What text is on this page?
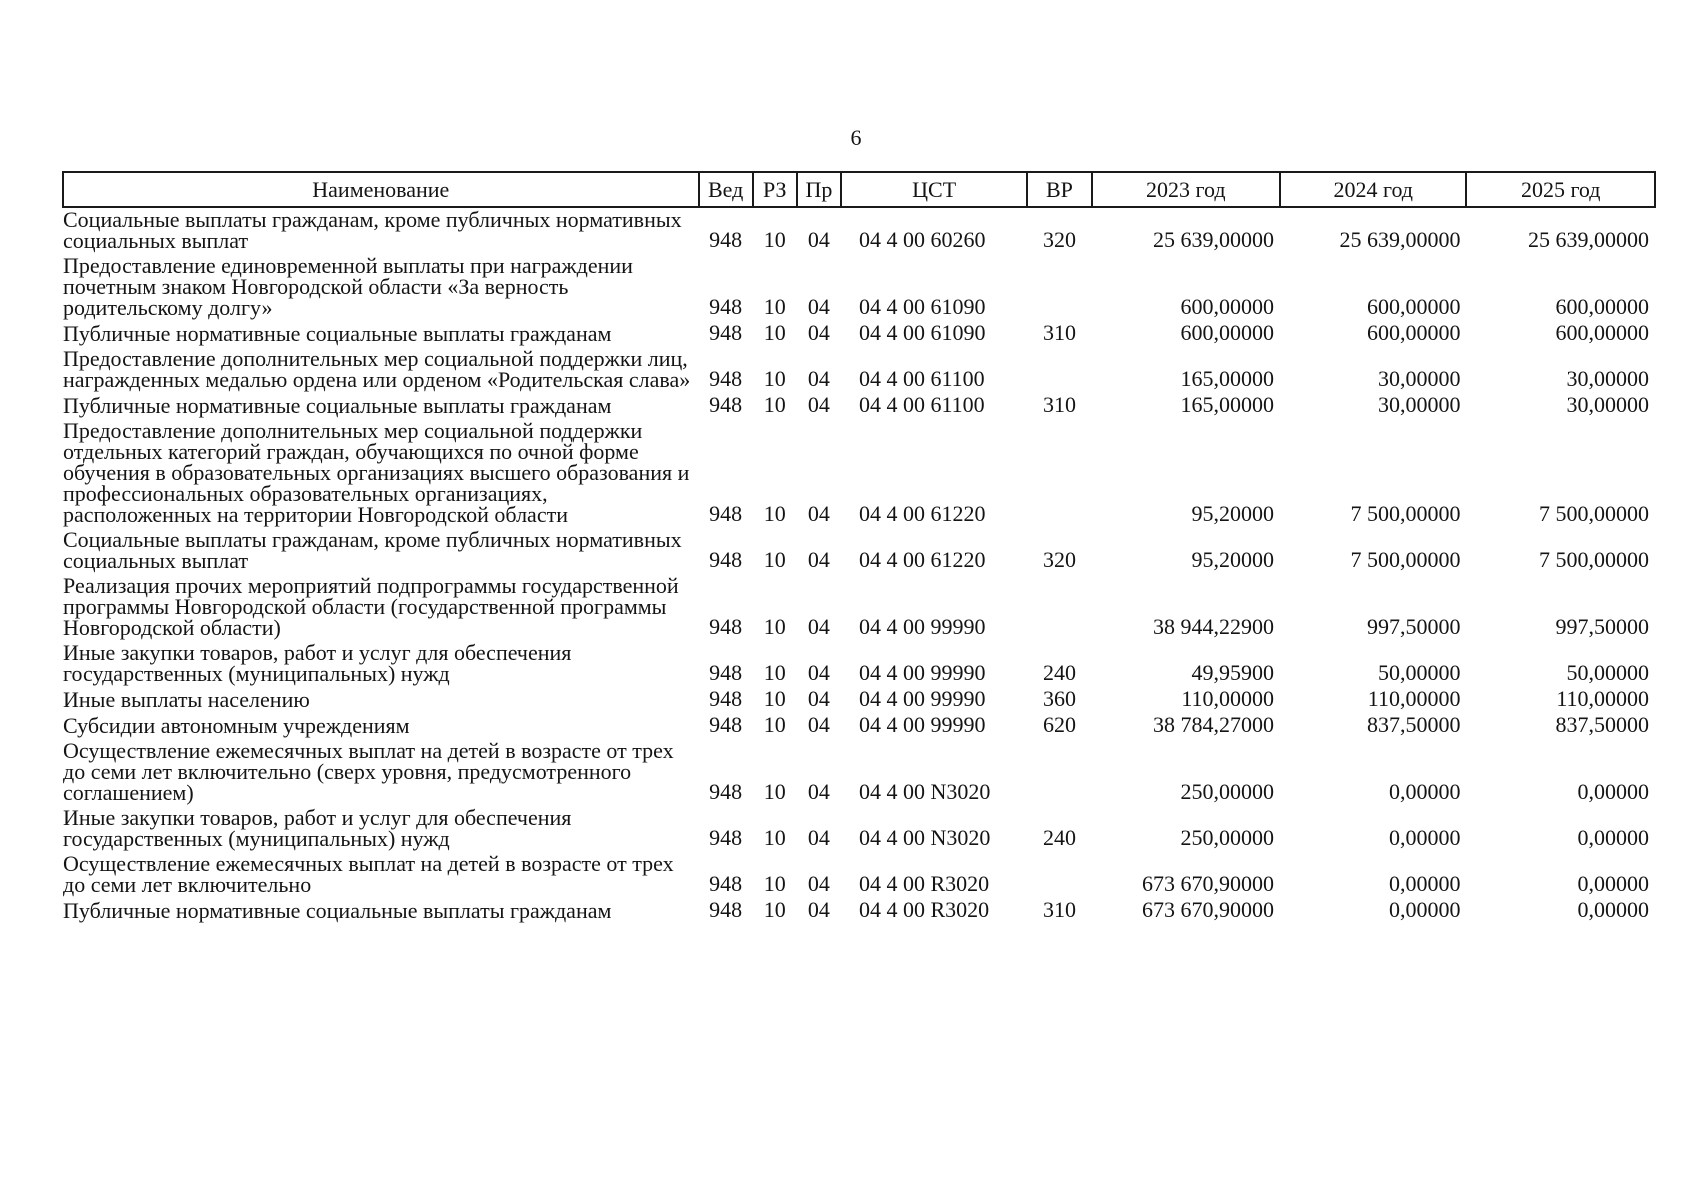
6
Наименование	Вед	РЗ	Пр	ЦСТ	ВР	2023 год	2024 год	2025 год
Социальные выплаты гражданам, кроме публичных нормативных социальных выплат	948	10	04	04 4 00 60260	320	25 639,00000	25 639,00000	25 639,00000
Предоставление единовременной выплаты при награждении почетным знаком Новгородской области «За верность родительскому долгу»	948	10	04	04 4 00 61090		600,00000	600,00000	600,00000
Публичные нормативные социальные выплаты гражданам	948	10	04	04 4 00 61090	310	600,00000	600,00000	600,00000
Предоставление дополнительных мер социальной поддержки лиц, награжденных медалью ордена или орденом «Родительская слава»	948	10	04	04 4 00 61100		165,00000	30,00000	30,00000
Публичные нормативные социальные выплаты гражданам	948	10	04	04 4 00 61100	310	165,00000	30,00000	30,00000
Предоставление дополнительных мер социальной поддержки отдельных категорий граждан, обучающихся по очной форме обучения в образовательных организациях высшего образования и профессиональных образовательных организациях, расположенных на территории Новгородской области	948	10	04	04 4 00 61220		95,20000	7 500,00000	7 500,00000
Социальные выплаты гражданам, кроме публичных нормативных социальных выплат	948	10	04	04 4 00 61220	320	95,20000	7 500,00000	7 500,00000
Реализация прочих мероприятий подпрограммы государственной программы Новгородской области (государственной программы Новгородской области)	948	10	04	04 4 00 99990		38 944,22900	997,50000	997,50000
Иные закупки товаров, работ и услуг для обеспечения государственных (муниципальных) нужд	948	10	04	04 4 00 99990	240	49,95900	50,00000	50,00000
Иные выплаты населению	948	10	04	04 4 00 99990	360	110,00000	110,00000	110,00000
Субсидии автономным учреждениям	948	10	04	04 4 00 99990	620	38 784,27000	837,50000	837,50000
Осуществление ежемесячных выплат на детей в возрасте от трех до семи лет включительно (сверх уровня, предусмотренного соглашением)	948	10	04	04 4 00 N3020		250,00000	0,00000	0,00000
Иные закупки товаров, работ и услуг для обеспечения государственных (муниципальных) нужд	948	10	04	04 4 00 N3020	240	250,00000	0,00000	0,00000
Осуществление ежемесячных выплат на детей в возрасте от трех до семи лет включительно	948	10	04	04 4 00 R3020		673 670,90000	0,00000	0,00000
Публичные нормативные социальные выплаты гражданам	948	10	04	04 4 00 R3020	310	673 670,90000	0,00000	0,00000
